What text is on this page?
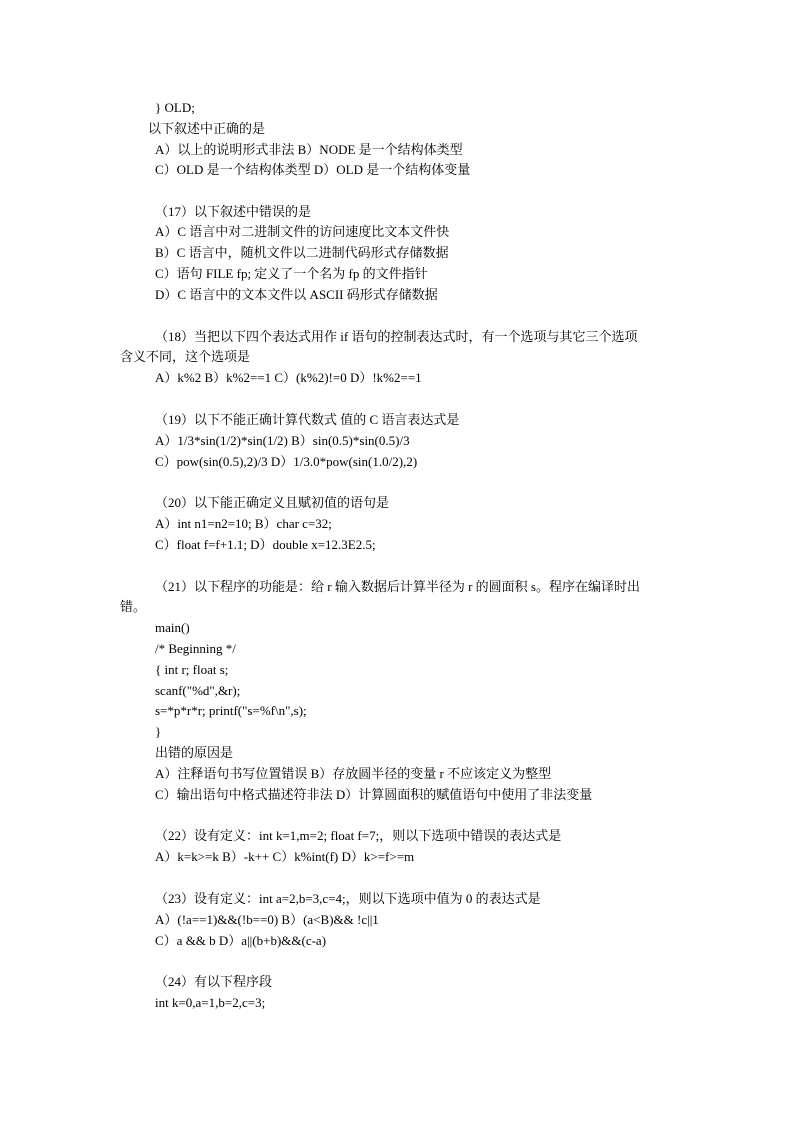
} OLD;
以下叙述中正确的是
A）以上的说明形式非法 B）NODE 是一个结构体类型
C）OLD 是一个结构体类型 D）OLD 是一个结构体变量
（17）以下叙述中错误的是
A）C 语言中对二进制文件的访问速度比文本文件快
B）C 语言中，随机文件以二进制代码形式存储数据
C）语句 FILE fp; 定义了一个名为 fp 的文件指针
D）C 语言中的文本文件以 ASCII 码形式存储数据
（18）当把以下四个表达式用作 if 语句的控制表达式时，有一个选项与其它三个选项
含义不同，这个选项是
A）k%2 B）k%2==1 C）(k%2)!=0 D）!k%2==1
（19）以下不能正确计算代数式 值的 C 语言表达式是
A）1/3*sin(1/2)*sin(1/2) B）sin(0.5)*sin(0.5)/3
C）pow(sin(0.5),2)/3 D）1/3.0*pow(sin(1.0/2),2)
（20）以下能正确定义且赋初值的语句是
A）int n1=n2=10; B）char c=32;
C）float f=f+1.1; D）double x=12.3E2.5;
（21）以下程序的功能是：给 r 输入数据后计算半径为 r 的圆面积 s。程序在编译时出
错。
main()
/* Beginning */
{ int r; float s;
scanf("%d",&r);
s=*p*r*r; printf("s=%f\n",s);
}
出错的原因是
A）注释语句书写位置错误 B）存放圆半径的变量 r 不应该定义为整型
C）输出语句中格式描述符非法 D）计算圆面积的赋值语句中使用了非法变量
（22）设有定义：int k=1,m=2; float f=7;，则以下选项中错误的表达式是
A）k=k>=k B）-k++ C）k%int(f) D）k>=f>=m
（23）设有定义：int a=2,b=3,c=4;，则以下选项中值为 0 的表达式是
A）(!a==1)&&(!b==0) B）(a<B)&& !c||1
C）a && b D）a||(b+b)&&(c-a)
（24）有以下程序段
int k=0,a=1,b=2,c=3;
